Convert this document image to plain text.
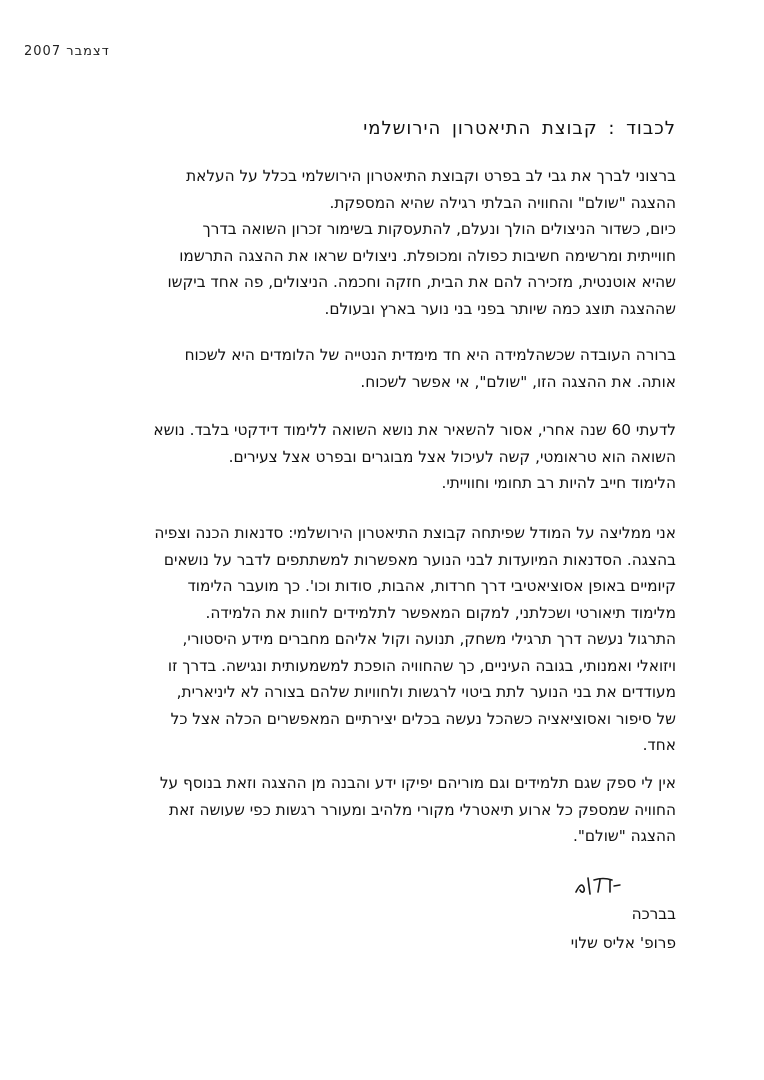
דצמבר 2007
לכבוד : קבוצת התיאטרון הירושלמי
ברצוני לברך את גבי לב בפרט וקבוצת התיאטרון הירושלמי בכלל על העלאת
ההצגה "שולם" והחוויה הבלתי רגילה שהיא המספקת.
כיום, כשדור הניצולים הולך ונעלם, להתעסקות בשימור זכרון השואה בדרך
חווייתית ומרשימה חשיבות כפולה ומכופלת. ניצולים שראו את ההצגה התרשמו
שהיא אוטנטית, מזכירה להם את הבית, חזקה וחכמה. הניצולים, פה אחד ביקשו
שההצגה תוצג כמה שיותר בפני בני נוער בארץ ובעולם.
ברורה העובדה שכשהלמידה היא חד מימדית הנטייה של הלומדים היא לשכוח
אותה. את ההצגה הזו, "שולם", אי אפשר לשכוח.
לדעתי 60 שנה אחרי, אסור להשאיר את נושא השואה ללימוד דידקטי בלבד. נושא
השואה הוא טראומטי, קשה לעיכול אצל מבוגרים ובפרט אצל צעירים.
הלימוד חייב להיות רב תחומי וחווייתי.
אני ממליצה על המודל שפיתחה קבוצת התיאטרון הירושלמי: סדנאות הכנה וצפיה
בהצגה. הסדנאות המיועדות לבני הנוער מאפשרות למשתתפים לדבר על נושאים
קיומיים באופן אסוציאטיבי דרך חרדות, אהבות, סודות וכו'. כך מועבר הלימוד
מלימוד תיאורטי ושכלתני, למקום המאפשר לתלמידים לחוות את הלמידה.
התרגול נעשה דרך תרגילי משחק, תנועה וקול אליהם מחברים מידע היסטורי,
ויזואלי ואמנותי, בגובה העיניים, כך שהחוויה הופכת למשמעותית ונגישה. בדרך זו
מעודדים את בני הנוער לתת ביטוי לרגשות ולחוויות שלהם בצורה לא ליניארית,
של סיפור ואסוציאציה כשהכל נעשה בכלים יצירתיים המאפשרים הכלה אצל כל
אחד.
אין לי ספק שגם תלמידים וגם מוריהם יפיקו ידע והבנה מן ההצגה וזאת בנוסף על
החוויה שמספק כל ארוע תיאטרלי מקורי מלהיב ומעורר רגשות כפי שעושה זאת
ההצגה "שולם".
בברכה
פרופ' אליס שלוי
